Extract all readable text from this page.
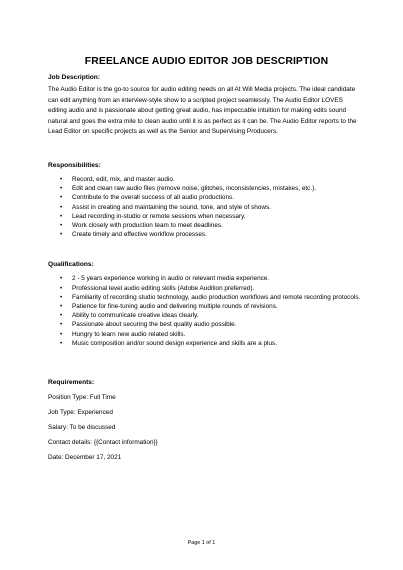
FREELANCE AUDIO EDITOR JOB DESCRIPTION

Job Description:

The Audio Editor is the go-to source for audio editing needs on all At Will Media projects. The ideal candidate can edit anything from an interview-style show to a scripted project seamlessly. The Audio Editor LOVES editing audio and is passionate about getting great audio, has impeccable intuition for making edits sound natural and goes the extra mile to clean audio until it is as perfect as it can be. The Audio Editor reports to the Lead Editor on specific projects as well as the Senior and Supervising Producers.

Responsibilities:

• Record, edit, mix, and master audio.
• Edit and clean raw audio files (remove noise, glitches, inconsistencies, mistakes, etc.).
• Contribute to the overall success of all audio productions.
• Assist in creating and maintaining the sound, tone, and style of shows.
• Lead recording in-studio or remote sessions when necessary.
• Work closely with production team to meet deadlines.
• Create timely and effective workflow processes.

Qualifications:

• 2 - 5 years experience working in audio or relevant media experience.
• Professional level audio editing skills (Adobe Audition preferred).
• Familiarity of recording studio technology, audio production workflows and remote recording protocols.
• Patience for fine-tuning audio and delivering multiple rounds of revisions.
• Ability to communicate creative ideas clearly.
• Passionate about securing the best quality audio possible.
• Hungry to learn new audio related skills.
• Music composition and/or sound design experience and skills are a plus.

Requirements:

Position Type: Full Time

Job Type: Experienced

Salary: To be discussed

Contact details: {{Contact information}}

Date: December 17, 2021

Page 1 of 1
